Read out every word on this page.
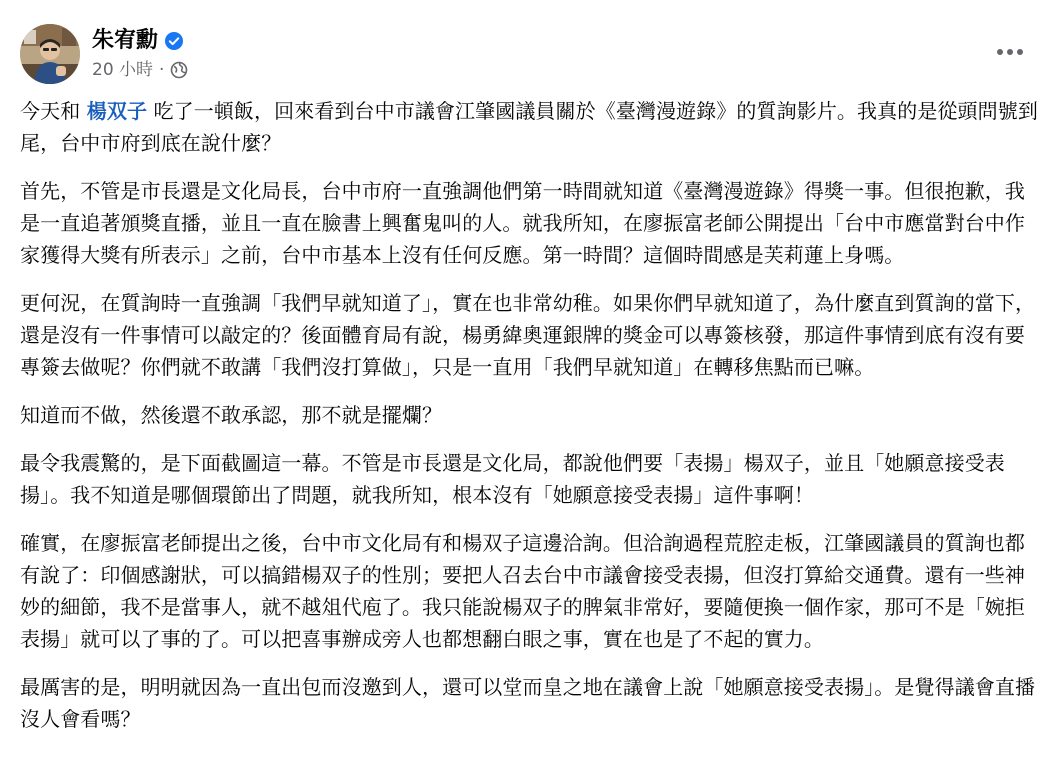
朱宥勳
20 小時 ·

今天和 楊双子 吃了一頓飯，回來看到台中市議會江肇國議員關於《臺灣漫遊錄》的質詢影片。我真的是從頭問號到尾，台中市府到底在說什麼？

首先，不管是市長還是文化局長，台中市府一直強調他們第一時間就知道《臺灣漫遊錄》得獎一事。但很抱歉，我是一直追著頒獎直播，並且一直在臉書上興奮鬼叫的人。就我所知，在廖振富老師公開提出「台中市應當對台中作家獲得大獎有所表示」之前，台中市基本上沒有任何反應。第一時間？這個時間感是芙莉蓮上身嗎。

更何況，在質詢時一直強調「我們早就知道了」，實在也非常幼稚。如果你們早就知道了，為什麼直到質詢的當下，還是沒有一件事情可以敲定的？後面體育局有說，楊勇緯奧運銀牌的獎金可以專簽核發，那這件事情到底有沒有要專簽去做呢？你們就不敢講「我們沒打算做」，只是一直用「我們早就知道」在轉移焦點而已嘛。

知道而不做，然後還不敢承認，那不就是擺爛？

最令我震驚的，是下面截圖這一幕。不管是市長還是文化局，都說他們要「表揚」楊双子，並且「她願意接受表揚」。我不知道是哪個環節出了問題，就我所知，根本沒有「她願意接受表揚」這件事啊！

確實，在廖振富老師提出之後，台中市文化局有和楊双子這邊洽詢。但洽詢過程荒腔走板，江肇國議員的質詢也都有說了：印個感謝狀，可以搞錯楊双子的性別；要把人召去台中市議會接受表揚，但沒打算給交通費。還有一些神妙的細節，我不是當事人，就不越俎代庖了。我只能說楊双子的脾氣非常好，要隨便換一個作家，那可不是「婉拒表揚」就可以了事的了。可以把喜事辦成旁人也都想翻白眼之事，實在也是了不起的實力。

最厲害的是，明明就因為一直出包而沒邀到人，還可以堂而皇之地在議會上說「她願意接受表揚」。是覺得議會直播沒人會看嗎？
